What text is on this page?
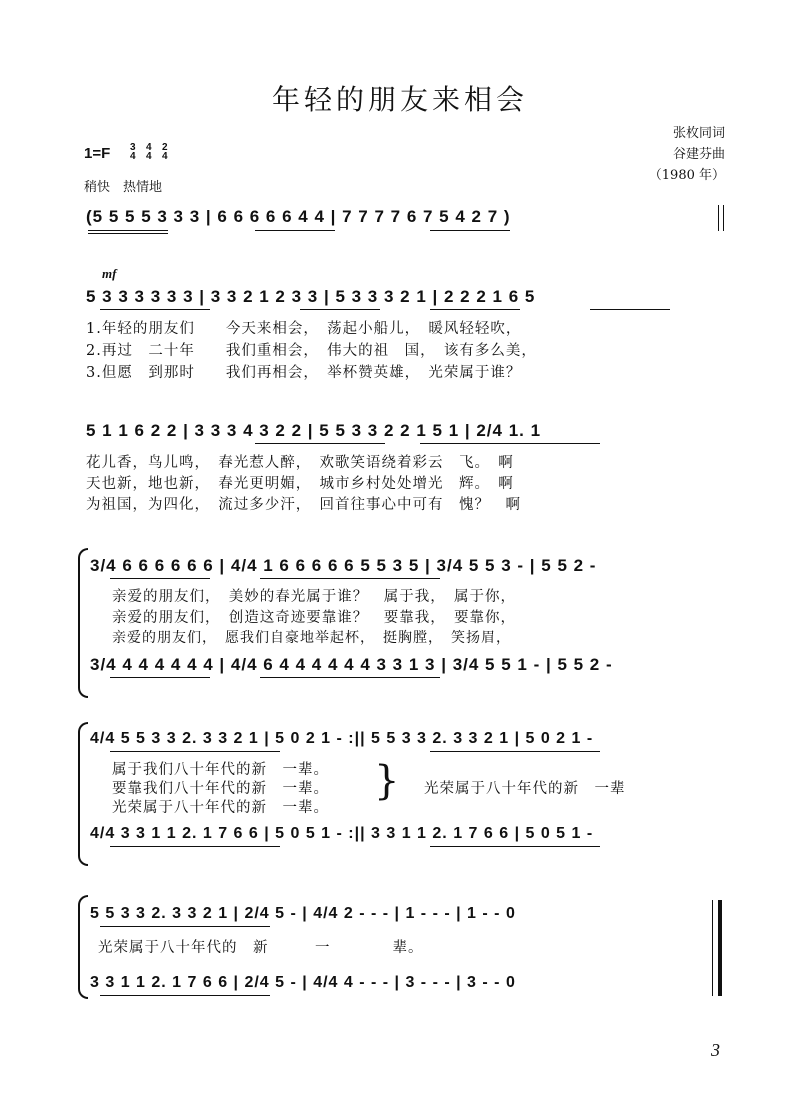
年轻的朋友来相会
张枚同词
谷建芬曲
（1980 年）
1=F 3
4
4
4
2
4
稍快　热情地
(5 5 5 5 3 3 3 | 6 6 6 6 6 4 4 | 7 7 7 7 6 7 5 4 2 7 )
mf
5 3 3 3 3 3 3 | 3 3 2 1 2 3 3 | 5 3 3 3 2 1 | 2 2 2 1 6 5
1.年轻的朋友们　　今天来相会，　荡起小船儿，　暖风轻轻吹，
2.再过　二十年　　我们重相会，　伟大的祖　国，　该有多么美，
3.但愿　到那时　　我们再相会，　举杯赞英雄，　光荣属于谁？
5 1 1 6 2 2 | 3 3 3 4 3 2 2 | 5 5 3 3 2 2 1 5 1 | 2/4 1. 1
花儿香，鸟儿鸣，　春光惹人醉，　欢歌笑语绕着彩云　飞。　啊
天也新，地也新，　春光更明媚，　城市乡村处处增光　辉。　啊
为祖国，为四化，　流过多少汗，　回首往事心中可有　愧？　啊
3/4 6 6 6 6 6 6 | 4/4 1 6 6 6 6 6 5 5 3 5 | 3/4 5 5 3 - | 5 5 2 -
亲爱的朋友们，　美妙的春光属于谁？　属于我，　属于你，
亲爱的朋友们，　创造这奇迹要靠谁？　要靠我，　要靠你，
亲爱的朋友们，　愿我们自豪地举起杯，　挺胸膛，　笑扬眉，
3/4 4 4 4 4 4 4 | 4/4 6 4 4 4 4 4 4 3 3 1 3 | 3/4 5 5 1 - | 5 5 2 -
4/4 5 5 3 3 2. 3 3 2 1 | 5 0 2 1 - :|| 5 5 3 3 2. 3 3 2 1 | 5 0 2 1 -
属于我们八十年代的新　一辈。
要靠我们八十年代的新　一辈。
光荣属于八十年代的新　一辈。
} 光荣属于八十年代的新　一辈
4/4 3 3 1 1 2. 1 7 6 6 | 5 0 5 1 - :|| 3 3 1 1 2. 1 7 6 6 | 5 0 5 1 -
5 5 3 3 2. 3 3 2 1 | 2/4 5 - | 4/4 2 - - - | 1 - - - | 1 - - 0
光荣属于八十年代的　新　　　一　　　　辈。
3 3 1 1 2. 1 7 6 6 | 2/4 5 - | 4/4 4 - - - | 3 - - - | 3 - - 0
3
